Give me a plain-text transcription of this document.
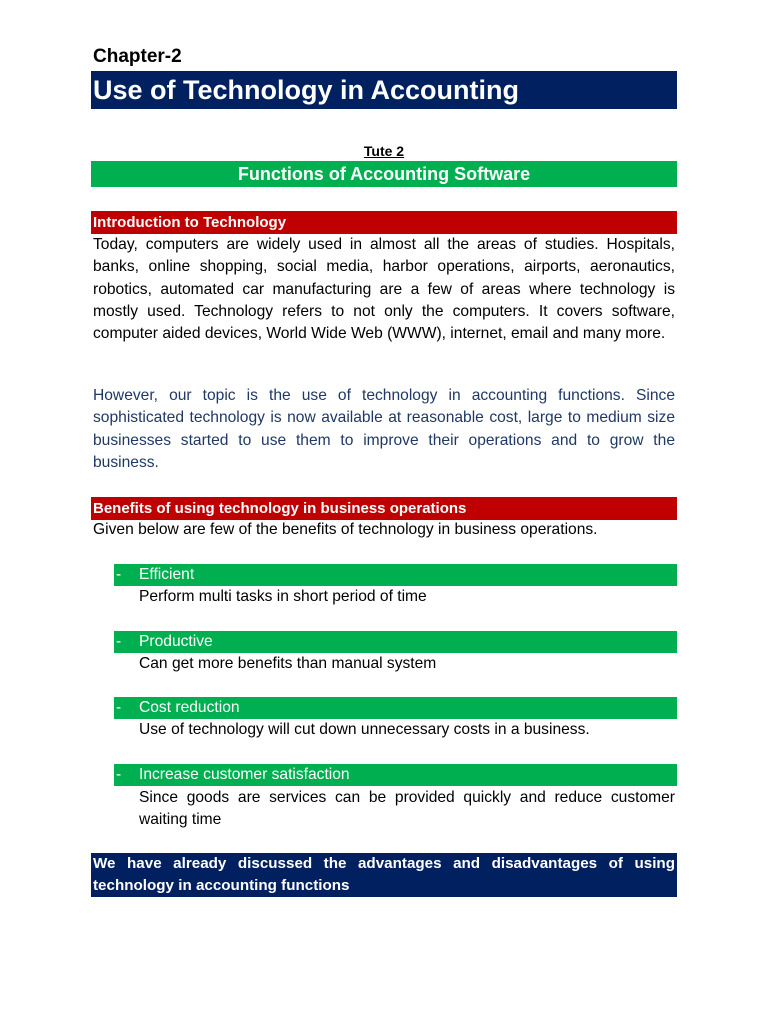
Chapter-2
Use of Technology in Accounting
Tute 2
Functions of Accounting Software
Introduction to Technology

Today, computers are widely used in almost all the areas of studies. Hospitals, banks, online shopping, social media, harbor operations, airports, aeronautics, robotics, automated car manufacturing are a few of areas where technology is mostly used. Technology refers to not only the computers. It covers software, computer aided devices, World Wide Web (WWW), internet, email and many more.

However, our topic is the use of technology in accounting functions. Since sophisticated technology is now available at reasonable cost, large to medium size businesses started to use them to improve their operations and to grow the business.

Benefits of using technology in business operations

Given below are few of the benefits of technology in business operations.

- Efficient

Perform multi tasks in short period of time

- Productive

Can get more benefits than manual system

- Cost reduction

Use of technology will cut down unnecessary costs in a business.

- Increase customer satisfaction

Since goods are services can be provided quickly and reduce customer waiting time

We have already discussed the advantages and disadvantages of using technology in accounting functions
